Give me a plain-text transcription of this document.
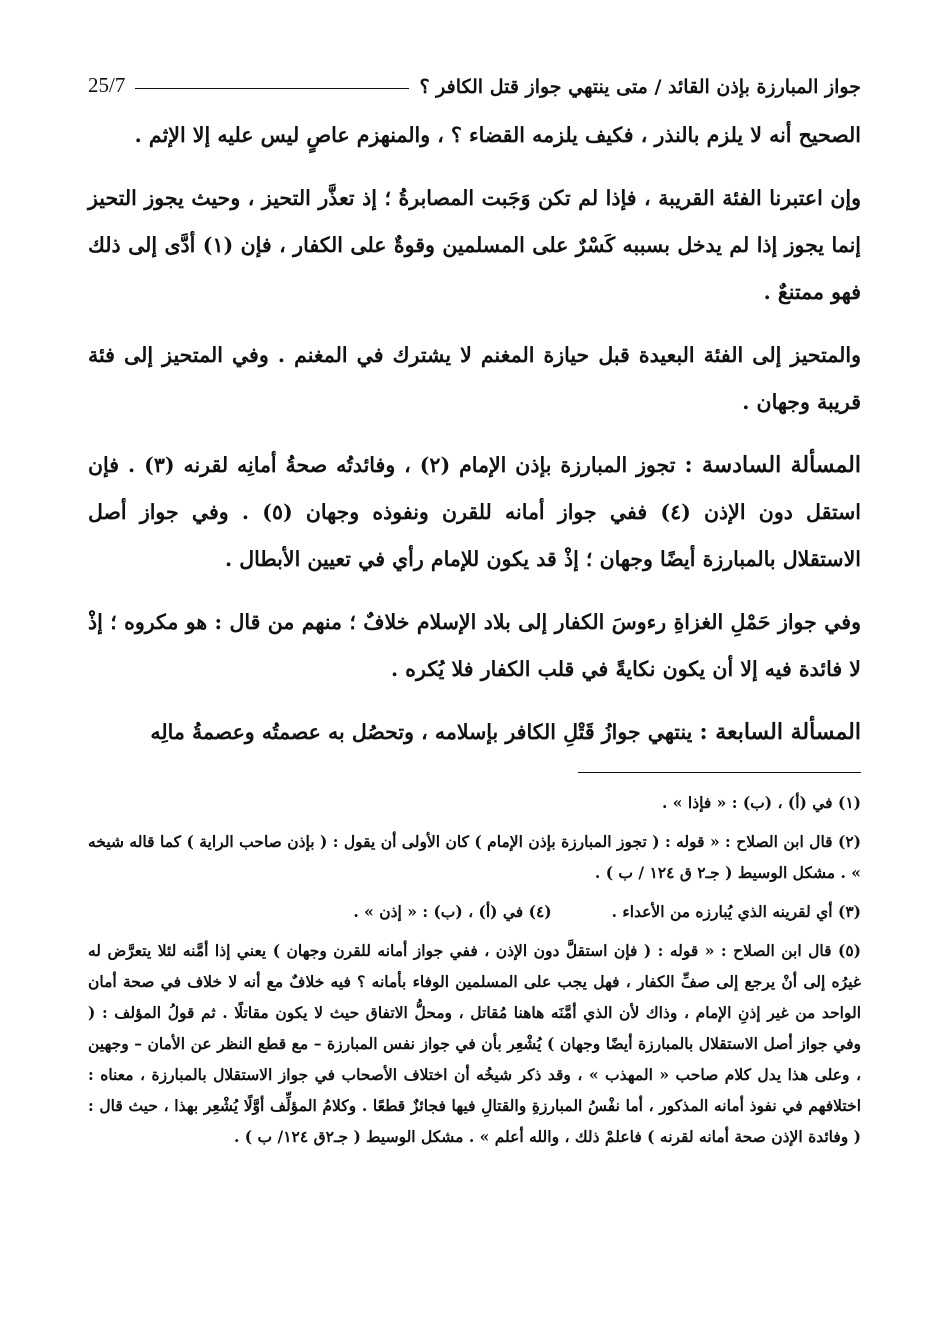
جواز المبارزة بإذن القائد / متى ينتهي جواز قتل الكافر ؟
25/7

الصحيح أنه لا يلزم بالنذر ، فكيف يلزمه القضاء ؟ ، والمنهزم عاصٍ ليس عليه إلا الإثم .

وإن اعتبرنا الفئة القريبة ، فإذا لم تكن وَجَبت المصابرةُ ؛ إذ تعذَّر التحيز ، وحيث يجوز التحيز إنما يجوز إذا لم يدخل بسببه كَسْرٌ على المسلمين وقوةٌ على الكفار ، فإن (١) أدَّى إلى ذلك فهو ممتنعٌ .

والمتحيز إلى الفئة البعيدة قبل حيازة المغنم لا يشترك في المغنم . وفي المتحيز إلى فئة قريبة وجهان .

المسألة السادسة : تجوز المبارزة بإذن الإمام (٢) ، وفائدتُه صحةُ أمانِه لقرنه (٣) . فإن استقل دون الإذن (٤) ففي جواز أمانه للقرن ونفوذه وجهان (٥) . وفي جواز أصل الاستقلال بالمبارزة أيضًا وجهان ؛ إذْ قد يكون للإمام رأي في تعيين الأبطال .

وفي جواز حَمْلِ الغزاةِ رءوسَ الكفار إلى بلاد الإسلام خلافٌ ؛ منهم من قال : هو مكروه ؛ إذْ لا فائدة فيه إلا أن يكون نكايةً في قلب الكفار فلا يُكره .

المسألة السابعة : ينتهي جوازُ قَتْلِ الكافر بإسلامه ، وتحصُل به عصمتُه وعصمةُ مالِه

(١) في (أ) ، (ب) : « فإذا » .

(٢) قال ابن الصلاح : « قوله : ( تجوز المبارزة بإذن الإمام ) كان الأولى أن يقول : ( بإذن صاحب الراية ) كما قاله شيخه » . مشكل الوسيط ( جـ٢ ق ١٢٤ / ب ) .

(٣) أي لقرينه الذي يُبارزه من الأعداء .
(٤) في (أ) ، (ب) : « إذن » .

(٥) قال ابن الصلاح : « قوله : ( فإن استقلَّ دون الإذن ، ففي جواز أمانه للقرن وجهان ) يعني إذا أمَّنه لئلا يتعرَّض له غيرُه إلى أنْ يرجع إلى صفِّ الكفار ، فهل يجب على المسلمين الوفاء بأمانه ؟ فيه خلافٌ مع أنه لا خلاف في صحة أمان الواحد من غير إذنِ الإمام ، وذاك لأن الذي أمَّنَه هاهنا مُقاتل ، ومحلُّ الاتفاق حيث لا يكون مقاتلًا . ثم قولُ المؤلف : ( وفي جواز أصل الاستقلال بالمبارزة أيضًا وجهان ) يُشْعِر بأن في جواز نفس المبارزة – مع قطع النظر عن الأمان – وجهين ، وعلى هذا يدل كلام صاحب « المهذب » ، وقد ذكر شيخُه أن اختلاف الأصحاب في جواز الاستقلال بالمبارزة ، معناه : اختلافهم في نفوذ أمانه المذكور ، أما نفْسُ المبارزةِ والقتالِ فيها فجائزٌ قطعًا . وكلامُ المؤلِّف أوَّلًا يُشْعِر بهذا ، حيث قال : ( وفائدة الإذن صحة أمانه لقرنه ) فاعلمْ ذلك ، والله أعلم » . مشكل الوسيط ( جـ٢ق ١٢٤/ ب ) .
